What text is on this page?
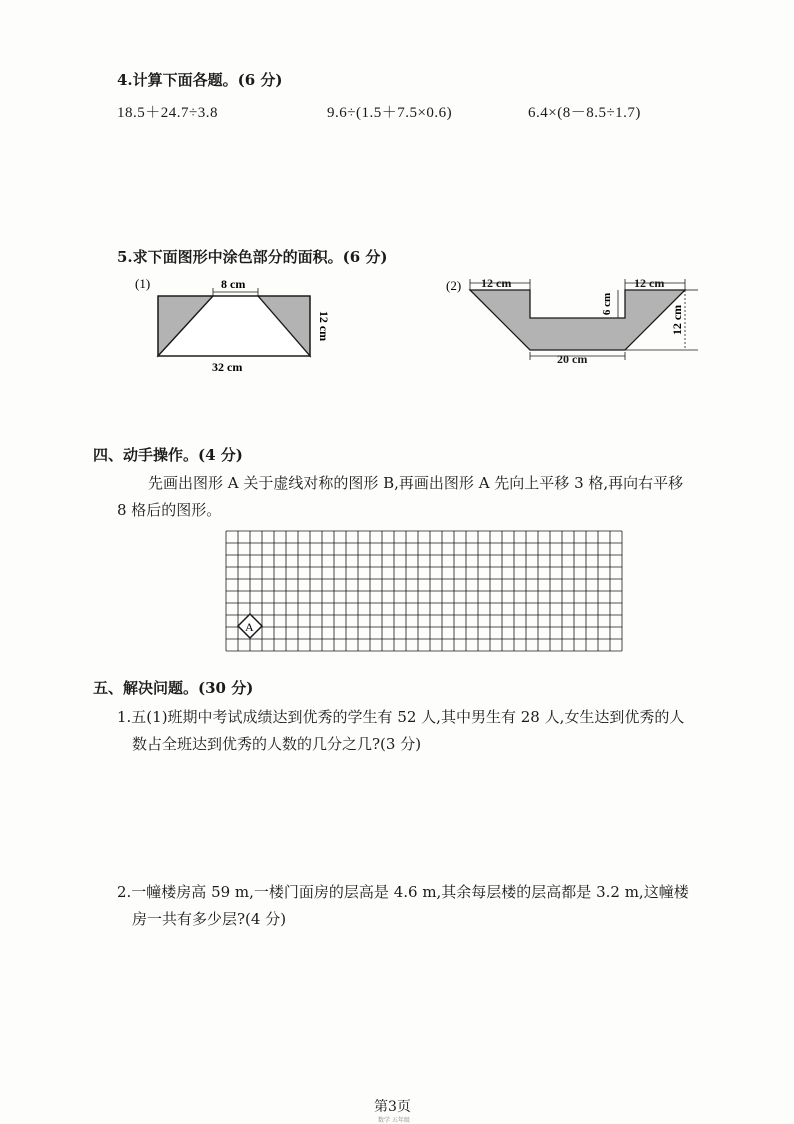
4.计算下面各题。(6 分)
18.5＋24.7÷3.8	9.6÷(1.5＋7.5×0.6)	6.4×(8－8.5÷1.7)
5.求下面图形中涂色部分的面积。(6 分)
(1)	8 cm
32 cm
12 cm
(2) 12 cm	12 cm
6 cm
12 cm
20 cm
四、动手操作。(4 分)
先画出图形 A 关于虚线对称的图形 B,再画出图形 A 先向上平移 3 格,再向右平移
8 格后的图形。
A
五、解决问题。(30 分)
1.五(1)班期中考试成绩达到优秀的学生有 52 人,其中男生有 28 人,女生达到优秀的人
数占全班达到优秀的人数的几分之几?(3 分)
2.一幢楼房高 59 m,一楼门面房的层高是 4.6 m,其余每层楼的层高都是 3.2 m,这幢楼
房一共有多少层?(4 分)
第3页
数学 五年级
